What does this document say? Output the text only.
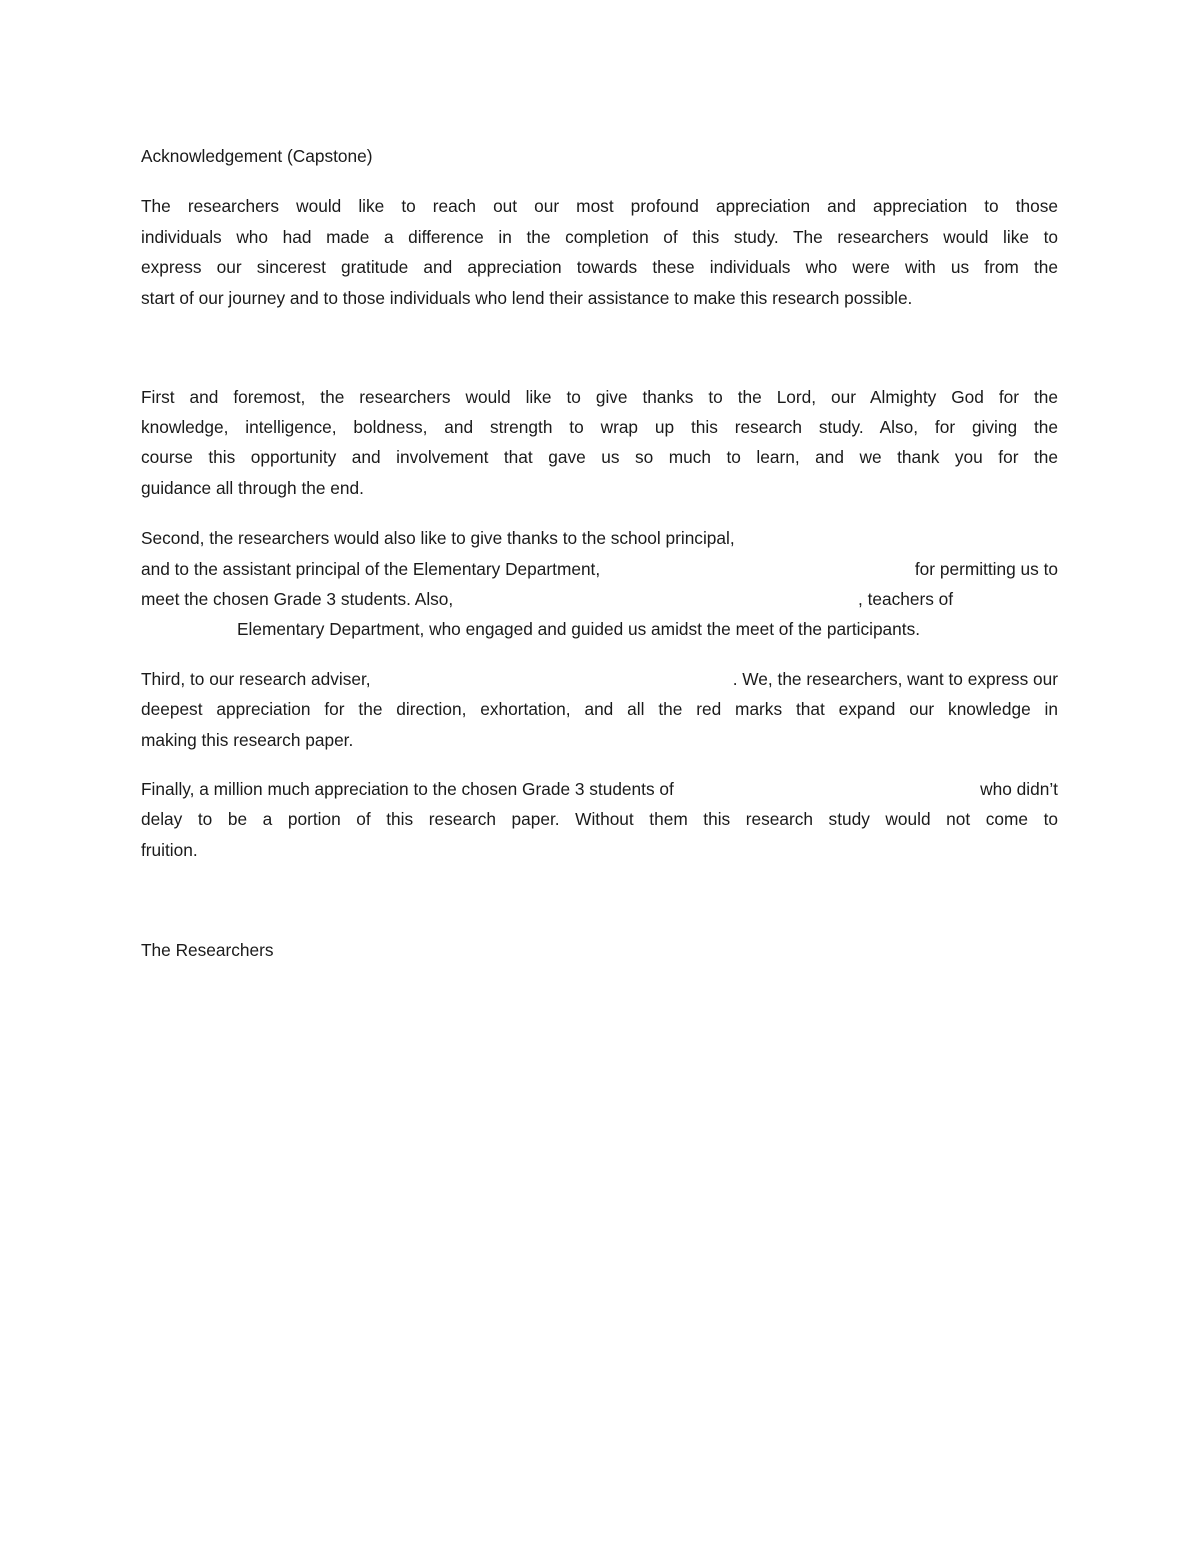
Acknowledgement (Capstone)
The researchers would like to reach out our most profound appreciation and appreciation to those
individuals who had made a difference in the completion of this study. The researchers would like to
express our sincerest gratitude and appreciation towards these individuals who were with us from the
start of our journey and to those individuals who lend their assistance to make this research possible.
First and foremost, the researchers would like to give thanks to the Lord, our Almighty God for the
knowledge, intelligence, boldness, and strength to wrap up this research study. Also, for giving the
course this opportunity and involvement that gave us so much to learn, and we thank you for the
guidance all through the end.
Second, the researchers would also like to give thanks to the school principal,
and to the assistant principal of the Elementary Department,	for permitting us to
meet the chosen Grade 3 students. Also,	, teachers of
Elementary Department, who engaged and guided us amidst the meet of the participants.
Third, to our research adviser,	. We, the researchers, want to express our
deepest appreciation for the direction, exhortation, and all the red marks that expand our knowledge in
making this research paper.
Finally, a million much appreciation to the chosen Grade 3 students of	who didn’t
delay to be a portion of this research paper. Without them this research study would not come to
fruition.
The Researchers
